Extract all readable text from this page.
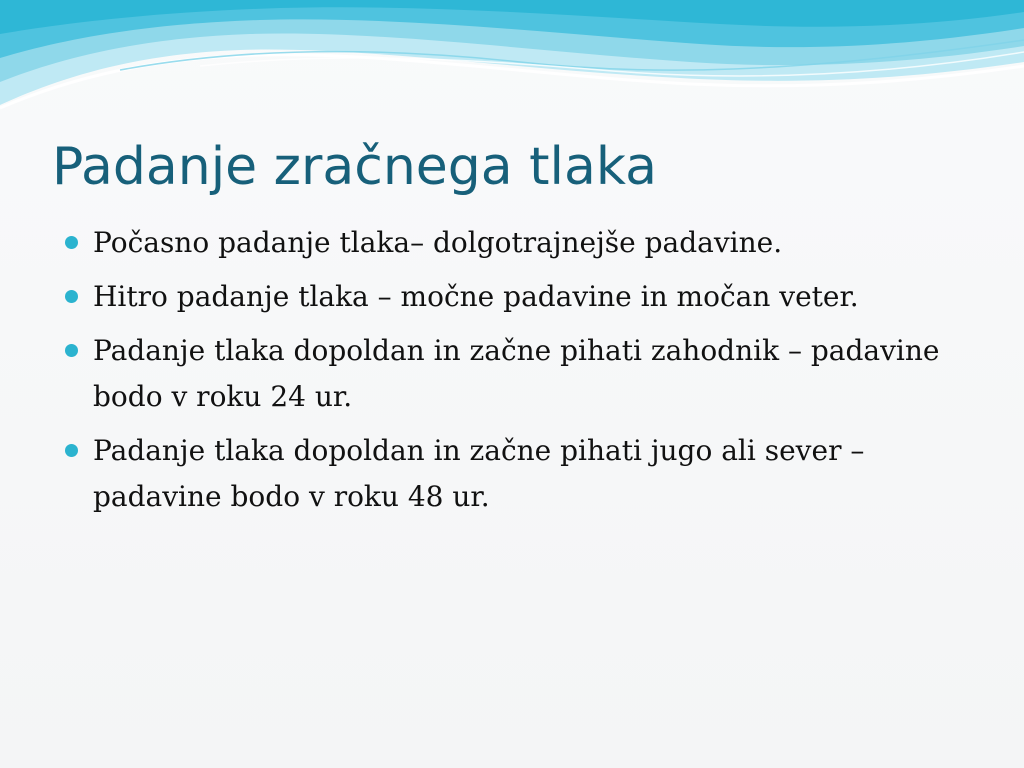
Padanje zračnega tlaka
Počasno padanje tlaka– dolgotrajnejše padavine.
Hitro padanje tlaka – močne padavine in močan veter.
Padanje tlaka dopoldan in začne pihati zahodnik – padavine bodo v roku 24 ur.
Padanje tlaka dopoldan in začne pihati jugo ali sever – padavine bodo v roku 48 ur.
